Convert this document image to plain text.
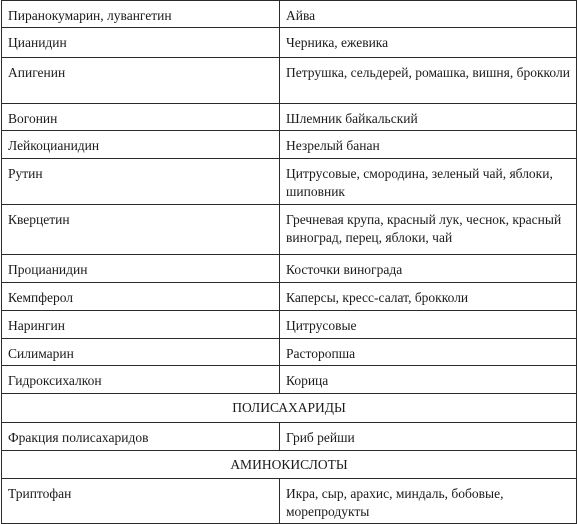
Пиранокумарин, лувангетин	Айва
Цианидин	Черника, ежевика
Апигенин	Петрушка, сельдерей, ромашка, вишня, брокколи
Вогонин	Шлемник байкальский
Лейкоцианидин	Незрелый банан
Рутин	Цитрусовые, смородина, зеленый чай, яблоки, шиповник
Кверцетин	Гречневая крупа, красный лук, чеснок, красный виноград, перец, яблоки, чай
Процианидин	Косточки винограда
Кемпферол	Каперсы, кресс-салат, брокколи
Нарингин	Цитрусовые
Силимарин	Расторопша
Гидроксихалкон	Корица
ПОЛИСАХАРИДЫ	
Фракция полисахаридов	Гриб рейши
АМИНОКИСЛОТЫ	
Триптофан	Икра, сыр, арахис, миндаль, бобовые, морепродукты
